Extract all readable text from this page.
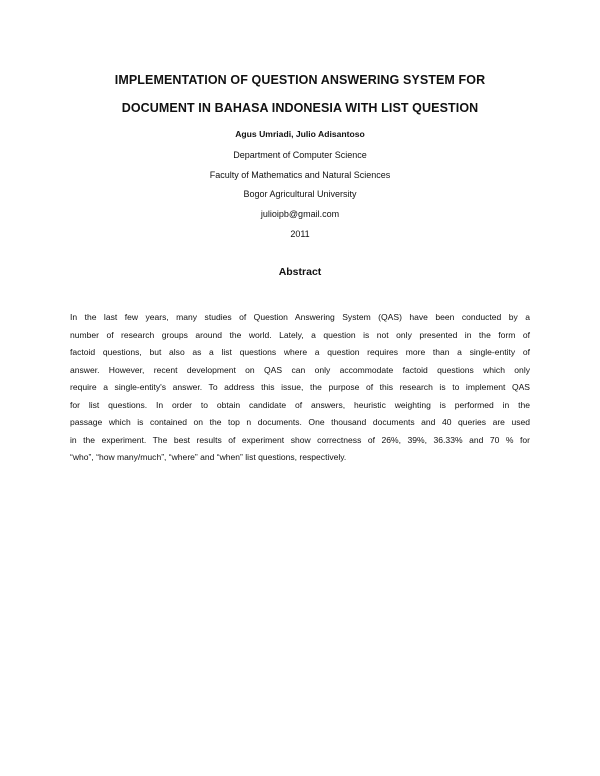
IMPLEMENTATION OF QUESTION ANSWERING SYSTEM FOR
DOCUMENT IN BAHASA INDONESIA WITH LIST QUESTION
Agus Umriadi, Julio Adisantoso
Department of Computer Science
Faculty of Mathematics and Natural Sciences
Bogor Agricultural University
julioipb@gmail.com
2011
Abstract
In the last few years, many studies of Question Answering System (QAS) have been conducted by a
number of research groups around the world. Lately, a question is not only presented in the form of
factoid questions, but also as a list questions where a question requires more than a single-entity of
answer. However, recent development on QAS can only accommodate factoid questions which only
require a single-entity's answer. To address this issue, the purpose of this research is to implement QAS
for list questions. In order to obtain candidate of answers, heuristic weighting is performed in the
passage which is contained on the top n documents. One thousand documents and 40 queries are used
in the experiment. The best results of experiment show correctness of 26%, 39%, 36.33% and 70 % for
“who”, “how many/much”, “where” and “when” list questions, respectively.
